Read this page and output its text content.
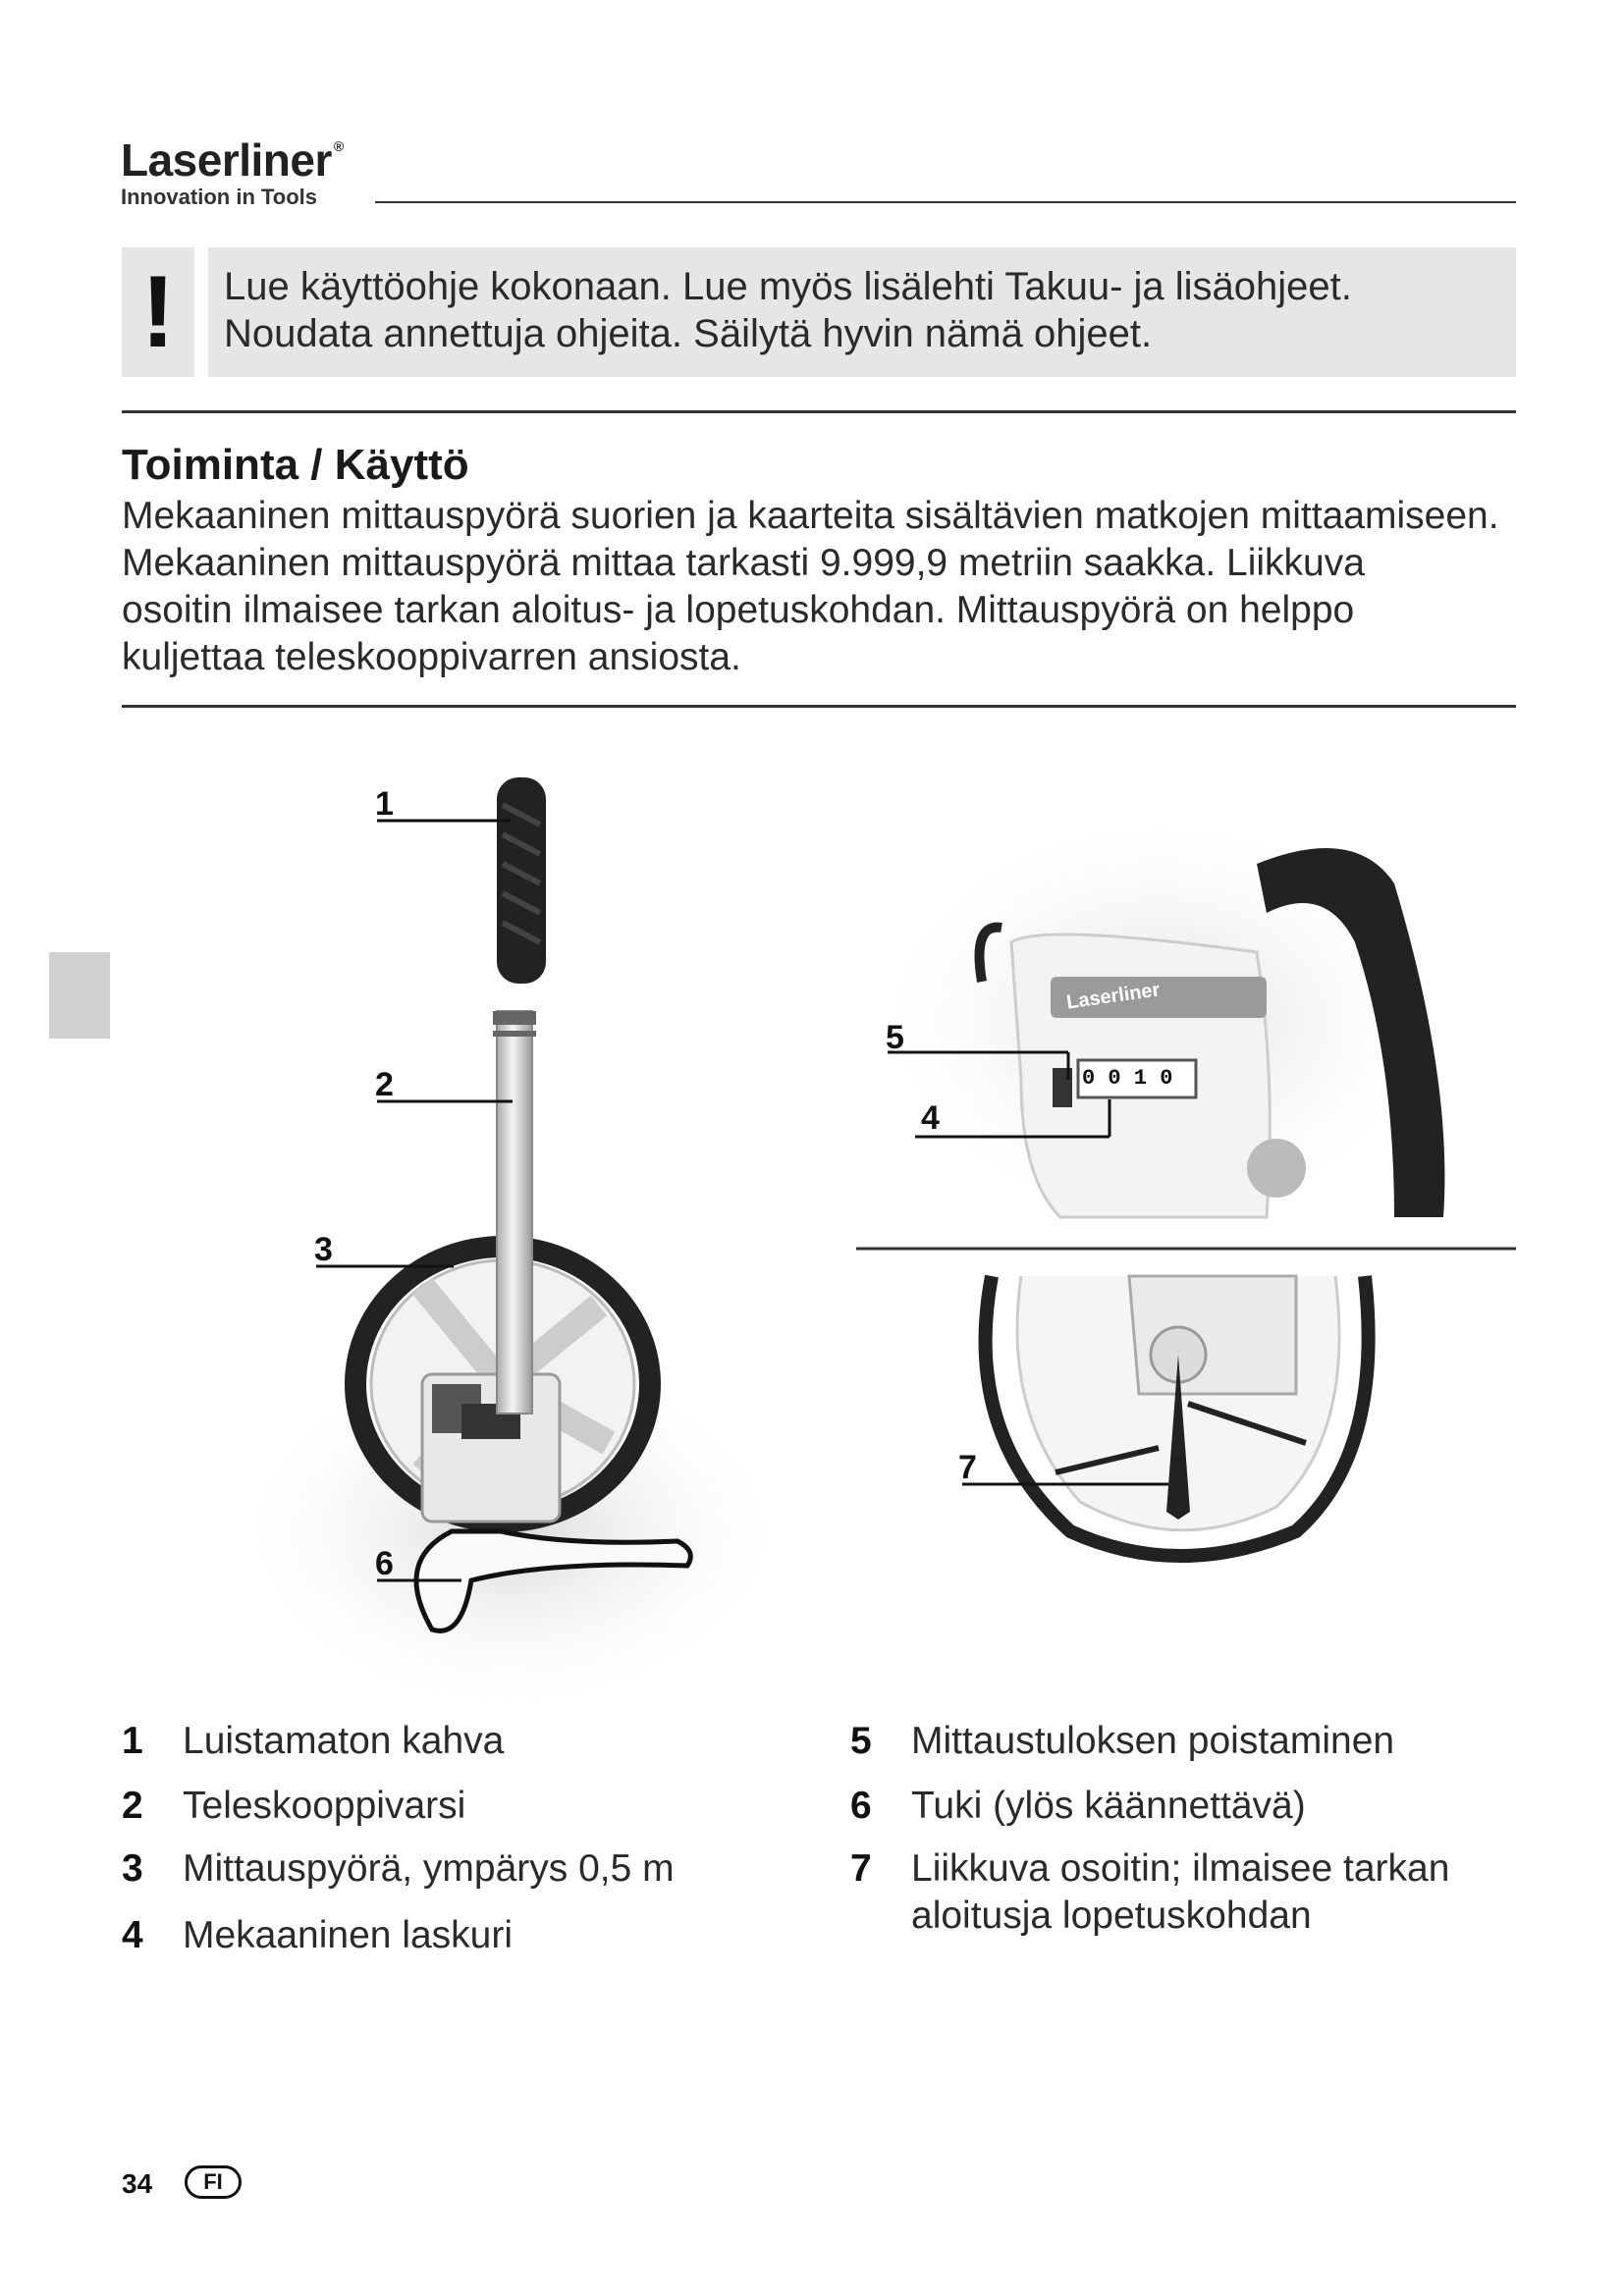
Laserliner ®
Innovation in Tools
!	Lue käyttöohje kokonaan. Lue myös lisälehti Takuu- ja lisäohjeet.
Noudata annettuja ohjeita. Säilytä hyvin nämä ohjeet.
Toiminta / Käyttö

Mekaaninen mittauspyörä suorien ja kaarteita sisältävien matkojen mittaamiseen.

Mekaaninen mittauspyörä mittaa tarkasti 9.999,9 metriin saakka. Liikkuva

osoitin ilmaisee tarkan aloitus- ja lopetuskohdan. Mittauspyörä on helppo

kuljettaa teleskooppivarren ansiosta.

1
2
3
6
Laserliner
0 0 1 0
5
4
7
1 Luistamaton kahva
2 Teleskooppivarsi
3 Mittauspyörä, ympärys 0,5 m
4 Mekaaninen laskuri
5 Mittaustuloksen poistaminen
6 Tuki (ylös käännettävä)
7 Liikkuva osoitin; ilmaisee tarkan
aloitusja lopetuskohdan
34	FI
